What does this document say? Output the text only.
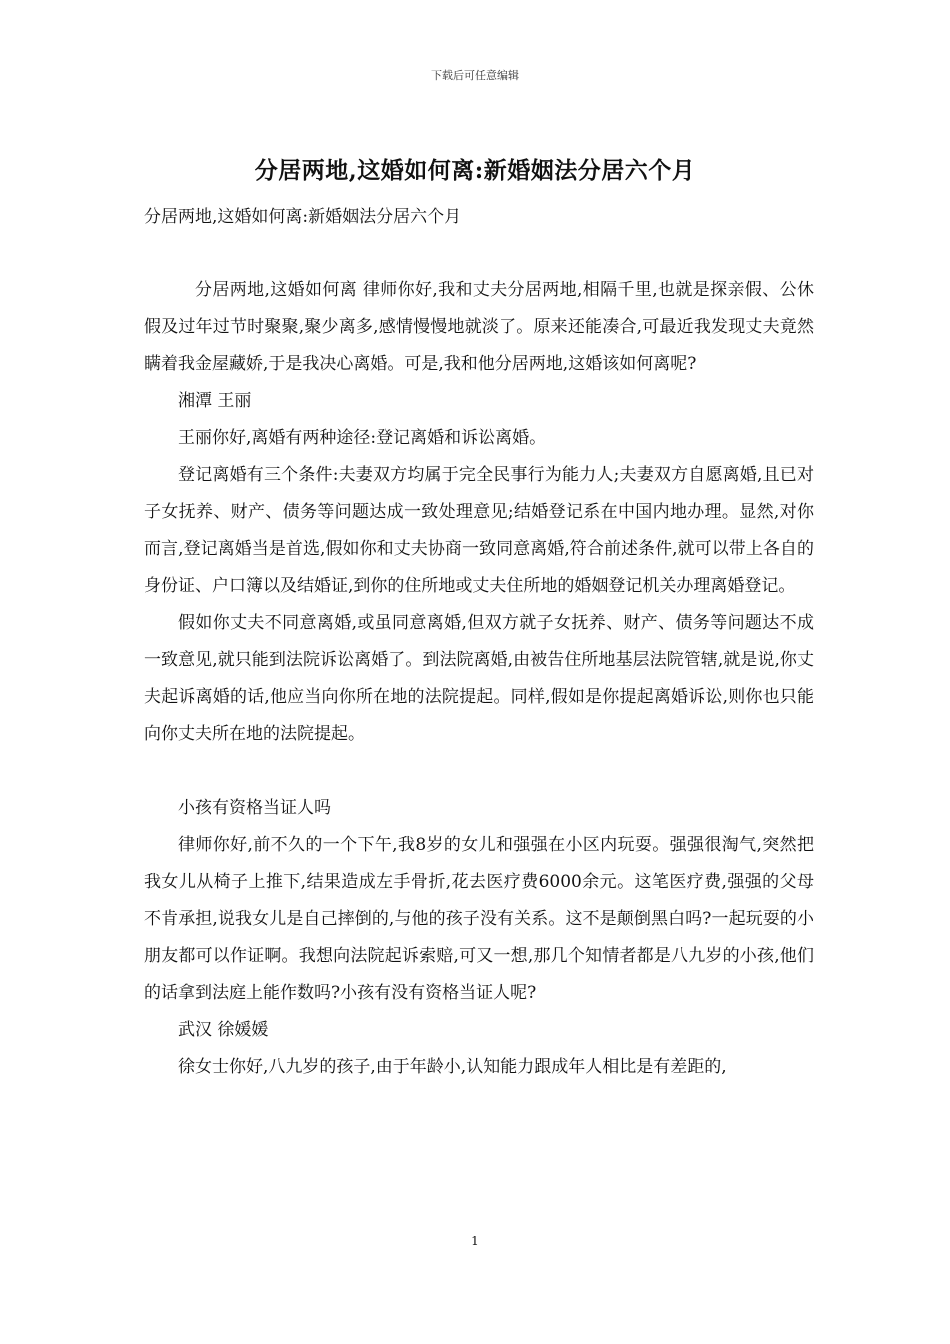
下载后可任意编辑
分居两地,这婚如何离:新婚姻法分居六个月
分居两地,这婚如何离:新婚姻法分居六个月

分居两地,这婚如何离 律师你好,我和丈夫分居两地,相隔千里,也就是探亲假、公休假及过年过节时聚聚,聚少离多,感情慢慢地就淡了。原来还能凑合,可最近我发现丈夫竟然瞒着我金屋藏娇,于是我决心离婚。可是,我和他分居两地,这婚该如何离呢?

湘潭 王丽

王丽你好,离婚有两种途径:登记离婚和诉讼离婚。

登记离婚有三个条件:夫妻双方均属于完全民事行为能力人;夫妻双方自愿离婚,且已对子女抚养、财产、债务等问题达成一致处理意见;结婚登记系在中国内地办理。显然,对你而言,登记离婚当是首选,假如你和丈夫协商一致同意离婚,符合前述条件,就可以带上各自的身份证、户口簿以及结婚证,到你的住所地或丈夫住所地的婚姻登记机关办理离婚登记。

假如你丈夫不同意离婚,或虽同意离婚,但双方就子女抚养、财产、债务等问题达不成一致意见,就只能到法院诉讼离婚了。到法院离婚,由被告住所地基层法院管辖,就是说,你丈夫起诉离婚的话,他应当向你所在地的法院提起。同样,假如是你提起离婚诉讼,则你也只能向你丈夫所在地的法院提起。

小孩有资格当证人吗

律师你好,前不久的一个下午,我8岁的女儿和强强在小区内玩耍。强强很淘气,突然把我女儿从椅子上推下,结果造成左手骨折,花去医疗费6000余元。这笔医疗费,强强的父母不肯承担,说我女儿是自己摔倒的,与他的孩子没有关系。这不是颠倒黑白吗?一起玩耍的小朋友都可以作证啊。我想向法院起诉索赔,可又一想,那几个知情者都是八九岁的小孩,他们的话拿到法庭上能作数吗?小孩有没有资格当证人呢?

武汉 徐媛媛

徐女士你好,八九岁的孩子,由于年龄小,认知能力跟成年人相比是有差距的,

1
